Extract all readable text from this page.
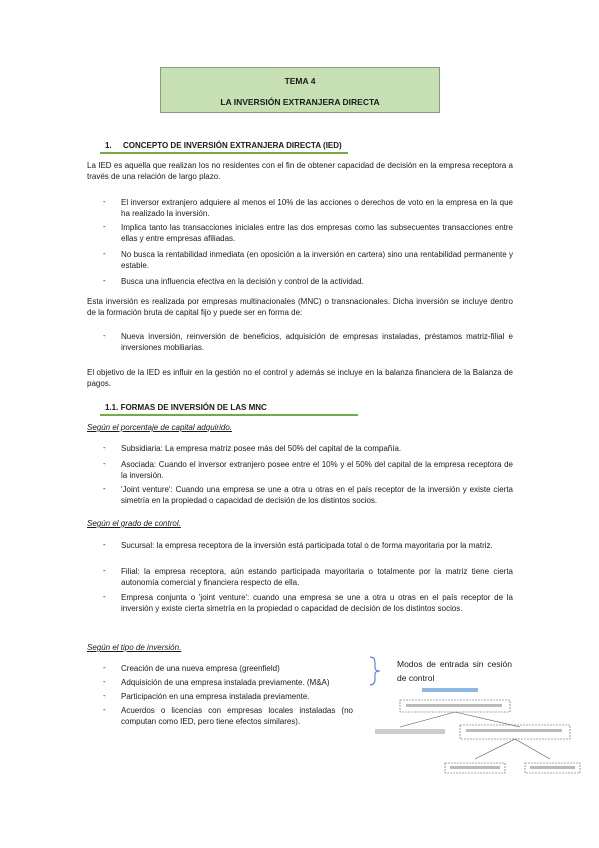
TEMA 4
LA INVERSIÓN EXTRANJERA DIRECTA
1. CONCEPTO DE INVERSIÓN EXTRANJERA DIRECTA (IED)
La IED es aquella que realizan los no residentes con el fin de obtener capacidad de decisión en la empresa receptora a través de una relación de largo plazo.
- El inversor extranjero adquiere al menos el 10% de las acciones o derechos de voto en la empresa en la que ha realizado la inversión.
- Implica tanto las transacciones iniciales entre las dos empresas como las subsecuentes transacciones entre ellas y entre empresas afiliadas.
- No busca la rentabilidad inmediata (en oposición a la inversión en cartera) sino una rentabilidad permanente y estable.
- Busca una influencia efectiva en la decisión y control de la actividad.
Esta inversión es realizada por empresas multinacionales (MNC) o transnacionales. Dicha inversión se incluye dentro de la formación bruta de capital fijo y puede ser en forma de:
- Nueva inversión, reinversión de beneficios, adquisición de empresas instaladas, préstamos matriz-filial e inversiones mobiliarias.
El objetivo de la IED es influir en la gestión no el control y además se incluye en la balanza financiera de la Balanza de pagos.
1.1. FORMAS DE INVERSIÓN DE LAS MNC
Según el porcentaje de capital adquirido.
- Subsidiaria: La empresa matriz posee más del 50% del capital de la compañía.
- Asociada: Cuando el inversor extranjero posee entre el 10% y el 50% del capital de la empresa receptora de la inversión.
- 'Joint venture': Cuando una empresa se une a otra u otras en el país receptor de la inversión y existe cierta simetría en la propiedad o capacidad de decisión de los distintos socios.
Según el grado de control.
- Sucursal: la empresa receptora de la inversión está participada total o de forma mayoritaria por la matriz.
- Filial: la empresa receptora, aún estando participada mayoritaria o totalmente por la matriz tiene cierta autonomía comercial y financiera respecto de ella.
- Empresa conjunta o 'joint venture': cuando una empresa se une a otra u otras en el país receptor de la inversión y existe cierta simetría en la propiedad o capacidad de decisión de los distintos socios.
Según el tipo de inversión.
- Creación de una nueva empresa (greenfield)
- Adquisición de una empresa instalada previamente. (M&A)
- Participación en una empresa instalada previamente.
- Acuerdos o licencias con empresas locales instaladas (no computan como IED, pero tiene efectos similares).
Modos de entrada sin cesión de control
